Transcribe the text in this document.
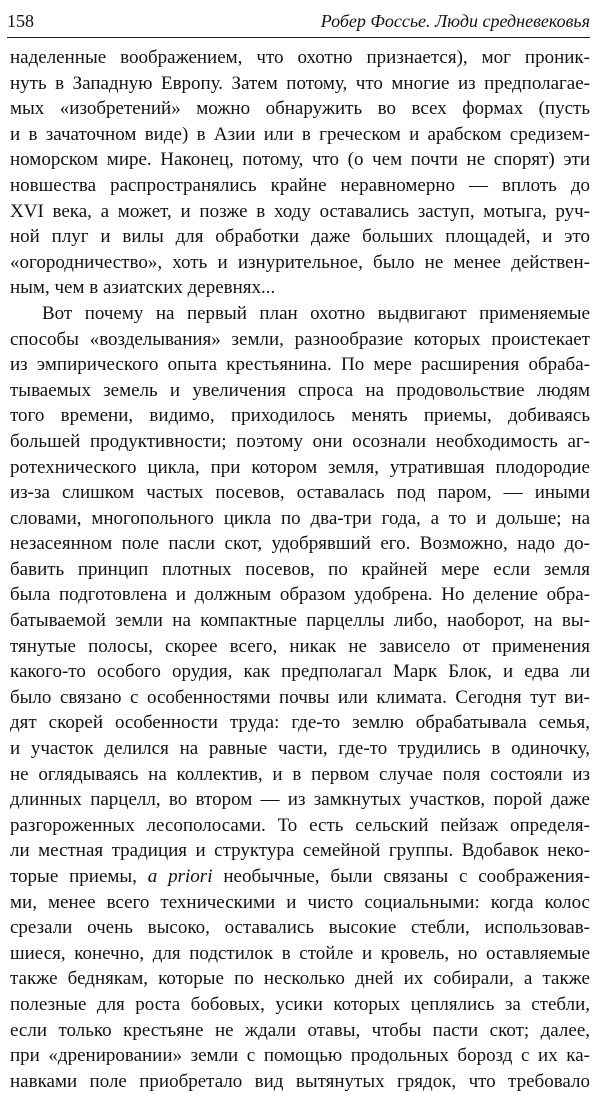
158	Робер Фоссье. Люди средневековья
наделенные воображением, что охотно признается), мог проник-
нуть в Западную Европу. Затем потому, что многие из предполагае-
мых «изобретений» можно обнаружить во всех формах (пусть
и в зачаточном виде) в Азии или в греческом и арабском средизем-
номорском мире. Наконец, потому, что (о чем почти не спорят) эти
новшества распространялись крайне неравномерно — вплоть до
XVI века, а может, и позже в ходу оставались заступ, мотыга, руч-
ной плуг и вилы для обработки даже больших площадей, и это
«огородничество», хоть и изнурительное, было не менее действен-
ным, чем в азиатских деревнях...
Вот почему на первый план охотно выдвигают применяемые
способы «возделывания» земли, разнообразие которых проистекает
из эмпирического опыта крестьянина. По мере расширения обраба-
тываемых земель и увеличения спроса на продовольствие людям
того времени, видимо, приходилось менять приемы, добиваясь
большей продуктивности; поэтому они осознали необходимость аг-
ротехнического цикла, при котором земля, утратившая плодородие
из-за слишком частых посевов, оставалась под паром, — иными
словами, многопольного цикла по два-три года, а то и дольше; на
незасеянном поле пасли скот, удобрявший его. Возможно, надо до-
бавить принцип плотных посевов, по крайней мере если земля
была подготовлена и должным образом удобрена. Но деление обра-
батываемой земли на компактные парцеллы либо, наоборот, на вы-
тянутые полосы, скорее всего, никак не зависело от применения
какого-то особого орудия, как предполагал Марк Блок, и едва ли
было связано с особенностями почвы или климата. Сегодня тут ви-
дят скорей особенности труда: где-то землю обрабатывала семья,
и участок делился на равные части, где-то трудились в одиночку,
не оглядываясь на коллектив, и в первом случае поля состояли из
длинных парцелл, во втором — из замкнутых участков, порой даже
разгороженных лесополосами. То есть сельский пейзаж определя-
ли местная традиция и структура семейной группы. Вдобавок неко-
торые приемы, a priori необычные, были связаны с соображения-
ми, менее всего техническими и чисто социальными: когда колос
срезали очень высоко, оставались высокие стебли, использовав-
шиеся, конечно, для подстилок в стойле и кровель, но оставляемые
также беднякам, которые по несколько дней их собирали, а также
полезные для роста бобовых, усики которых цеплялись за стебли,
если только крестьяне не ждали отавы, чтобы пасти скот; далее,
при «дренировании» земли с помощью продольных борозд с их ка-
навками поле приобретало вид вытянутых грядок, что требовало
